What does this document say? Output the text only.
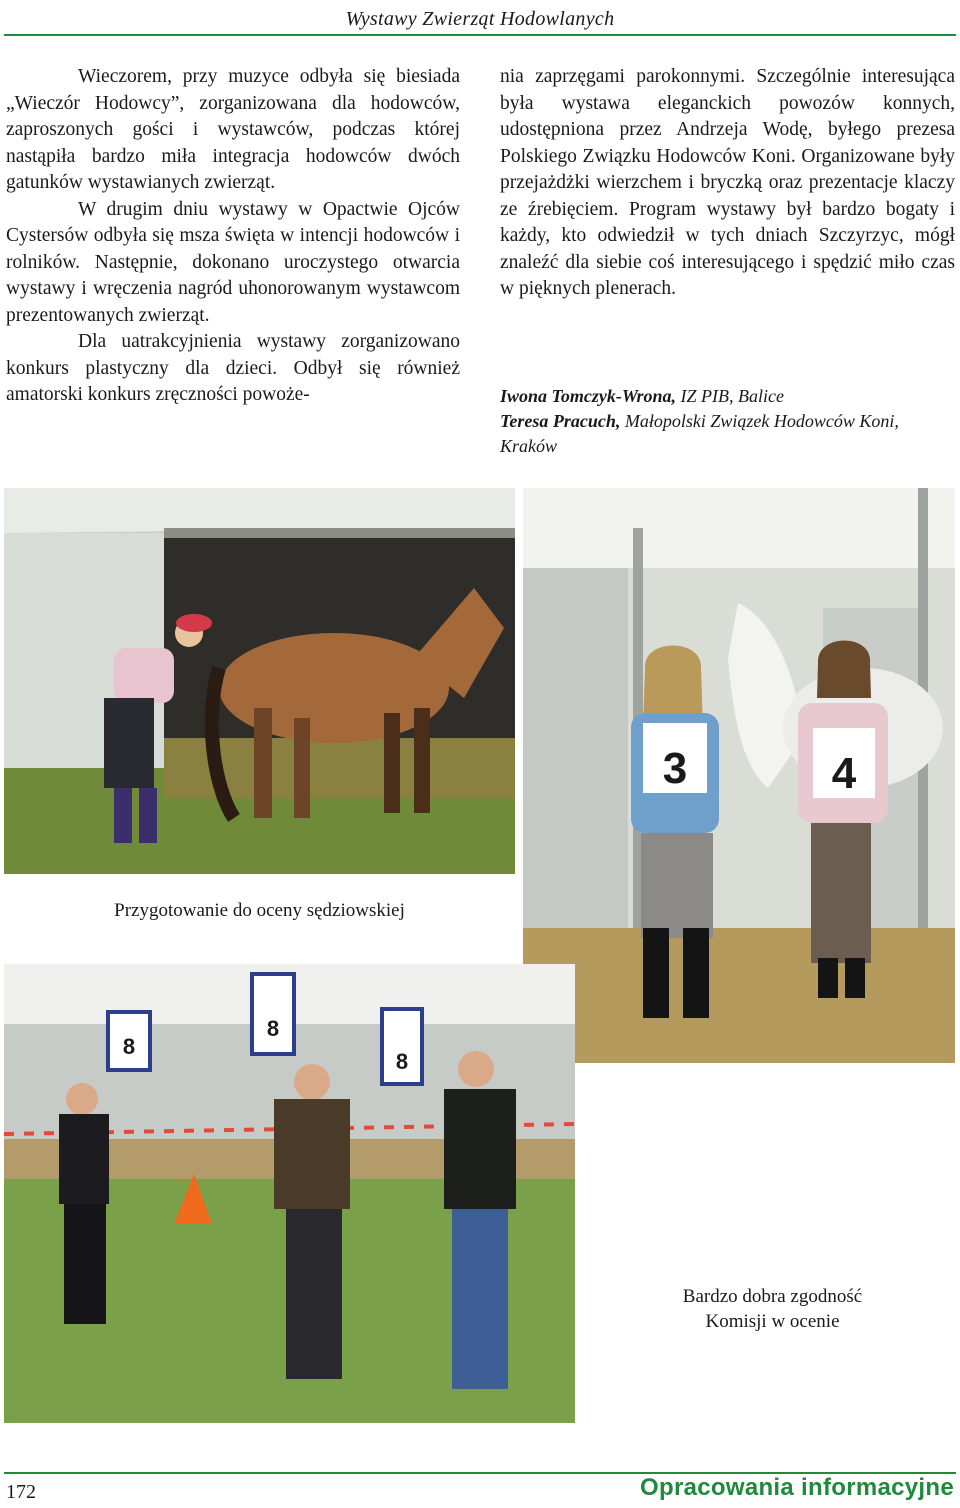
Wystawy Zwierząt Hodowlanych

Wieczorem, przy muzyce odbyła się biesiada „Wieczór Hodowcy”, zorganizowana dla hodowców, zaproszonych gości i wystawców, podczas której nastąpiła bardzo miła integracja hodowców dwóch gatunków wystawianych zwierząt.

W drugim dniu wystawy w Opactwie Ojców Cystersów odbyła się msza święta w intencji hodowców i rolników. Następnie, dokonano uroczystego otwarcia wystawy i wręczenia nagród uhonorowanym wystawcom prezentowanych zwierząt.

Dla uatrakcyjnienia wystawy zorganizowano konkurs plastyczny dla dzieci. Odbył się również amatorski konkurs zręczności powoże-

nia zaprzęgami parokonnymi. Szczególnie interesująca była wystawa eleganckich powozów konnych, udostępniona przez Andrzeja Wodę, byłego prezesa Polskiego Związku Hodowców Koni. Organizowane były przejażdżki wierzchem i bryczką oraz prezentacje klaczy ze źrebięciem. Program wystawy był bardzo bogaty i każdy, kto odwiedził w tych dniach Szczyrzyc, mógł znaleźć dla siebie coś interesującego i spędzić miło czas w pięknych plenerach.

Iwona Tomczyk-Wrona, IZ PIB, Balice
Teresa Pracuch, Małopolski Związek Hodowców Koni, Kraków
Przygotowanie do oceny sędziowskiej
3	4
8
8
8
Bardzo dobra zgodność
Komisji w ocenie
172	Opracowania informacyjne
